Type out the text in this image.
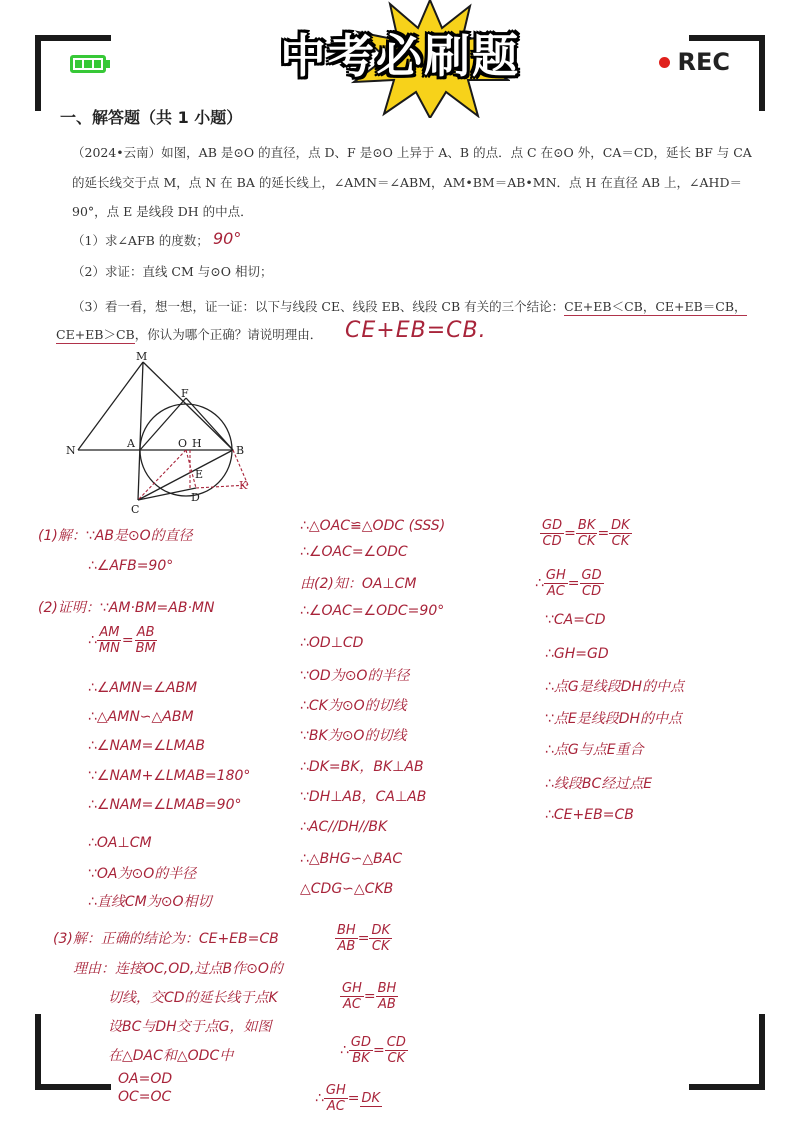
REC
中考必刷题
一、解答题（共 1 小题）
（2024•云南）如图，AB 是⊙O 的直径，点 D、F 是⊙O 上异于 A、B 的点．点 C 在⊙O 外，CA＝CD，延长 BF 与 CA
的延长线交于点 M，点 N 在 BA 的延长线上，∠AMN＝∠ABM，AM•BM＝AB•MN．点 H 在直径 AB 上，∠AHD＝
90°，点 E 是线段 DH 的中点．
（1）求∠AFB 的度数；
（2）求证：直线 CM 与⊙O 相切；
（3）看一看，想一想，证一证：以下与线段 CE、线段 EB、线段 CB 有关的三个结论：CE+EB＜CB，CE+EB＝CB，
CE+EB＞CB，你认为哪个正确？请说明理由．
90°
CE+EB=CB.
M
F
N
A	O H
B
E
D
C
K
(1)解：∵AB是⊙O的直径
∴∠AFB=90°
(2)证明：∵AM·BM=AB·MN
∴ $\frac{AM}{MN} = \frac{AB}{BM}$
∴∠AMN=∠ABM
∴△AMN∽△ABM
∴∠NAM=∠LMAB
∵∠NAM+∠LMAB=180°
∴∠NAM=∠LMAB=90°
∴OA⊥CM
∵OA为⊙O的半径
∴直线CM为⊙O相切
(3)解：正确的结论为：CE+EB=CB
理由：连接OC,OD,过点B作⊙O的
切线，交CD的延长线于点K
设BC与DH交于点G，如图
在△DAC和△ODC中
OA=OD
OC=OC
∴△OAC≌△ODC (SSS)
∴∠OAC=∠ODC
由(2)知：OA⊥CM
∴∠OAC=∠ODC=90°
∴OD⊥CD
∵OD为⊙O的半径
∴CK为⊙O的切线
∵BK为⊙O的切线
∴DK=BK，BK⊥AB
∵DH⊥AB，CA⊥AB
∴AC//DH//BK
∴△BHG∽△BAC
△CDG∽△CKB
$\frac{BH}{AB} = \frac{DK}{CK}$
$\frac{GH}{AC} = \frac{BH}{AB}$
∴ $\frac{GD}{BK} = \frac{CD}{CK}$
∴ $\frac{GH}{AC}$ = DK
$\frac{GD}{CD} = \frac{BK}{CK} = \frac{DK}{CK}$
∴ $\frac{GH}{AC} = \frac{GD}{CD}$
∵CA=CD
∴GH=GD
∴点G是线段DH的中点
∵点E是线段DH的中点
∴点G与点E重合
∴线段BC经过点E
∴CE+EB=CB
